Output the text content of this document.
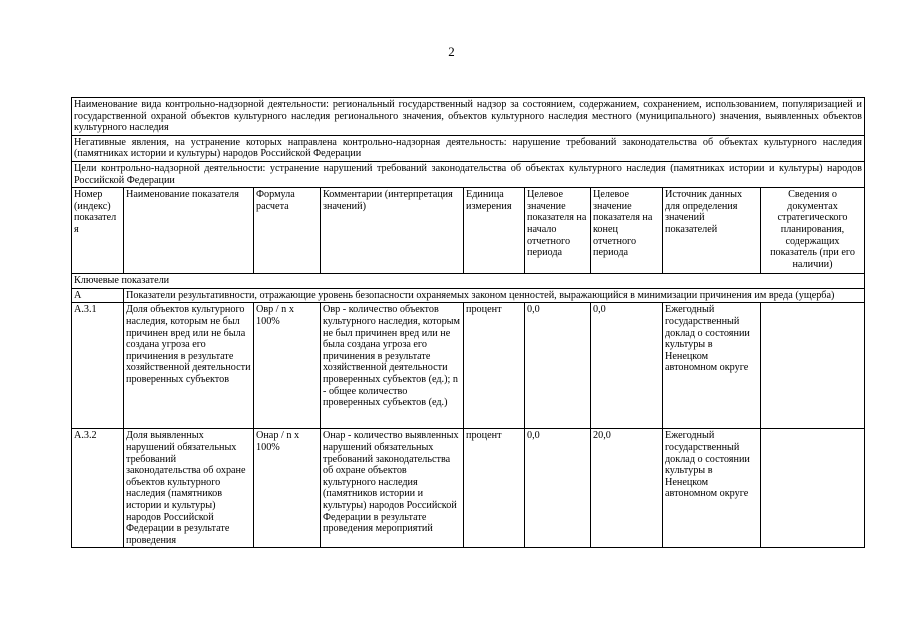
2
Наименование вида контрольно-надзорной деятельности: региональный государственный надзор за состоянием, содержанием, сохранением, использованием, популяризацией и государственной охраной объектов культурного наследия регионального значения, объектов культурного наследия местного (муниципального) значения, выявленных объектов культурного наследия								
Негативные явления, на устранение которых направлена контрольно-надзорная деятельность: нарушение требований законодательства об объектах культурного наследия (памятниках истории и культуры) народов Российской Федерации								
Цели контрольно-надзорной деятельности: устранение нарушений требований законодательства об объектах культурного наследия (памятниках истории и культуры) народов Российской Федерации								
Номер (индекс) показател я	Наименование показателя	Формула расчета	Комментарии (интерпретация значений)	Единица измерения	Целевое значение показателя на начало отчетного периода	Целевое значение показателя на конец отчетного периода	Источник данных для определения значений показателей	Сведения о документах стратегического планирования, содержащих показатель (при его наличии)
Ключевые показатели								
А	Показатели результативности, отражающие уровень безопасности охраняемых законом ценностей, выражающийся в минимизации причинения им вреда (ущерба)							
А.3.1	Доля объектов культурного наследия, которым не был причинен вред или не была создана угроза его причинения в результате хозяйственной деятельности проверенных субъектов	Овр / n x 100%	Овр - количество объектов культурного наследия, которым не был причинен вред или не была создана угроза его причинения в результате хозяйственной деятельности проверенных субъектов (ед.); n - общее количество проверенных субъектов (ед.)	процент	0,0	0,0	Ежегодный государственный доклад о состоянии культуры в Ненецком автономном округе	
А.3.2	Доля выявленных нарушений обязательных требований законодательства об охране объектов культурного наследия (памятников истории и культуры) народов Российской Федерации в результате проведения	Онар / n x 100%	Онар - количество выявленных нарушений обязательных требований законодательства об охране объектов культурного наследия (памятников истории и культуры) народов Российской Федерации в результате проведения мероприятий	процент	0,0	20,0	Ежегодный государственный доклад о состоянии культуры в Ненецком автономном округе	
